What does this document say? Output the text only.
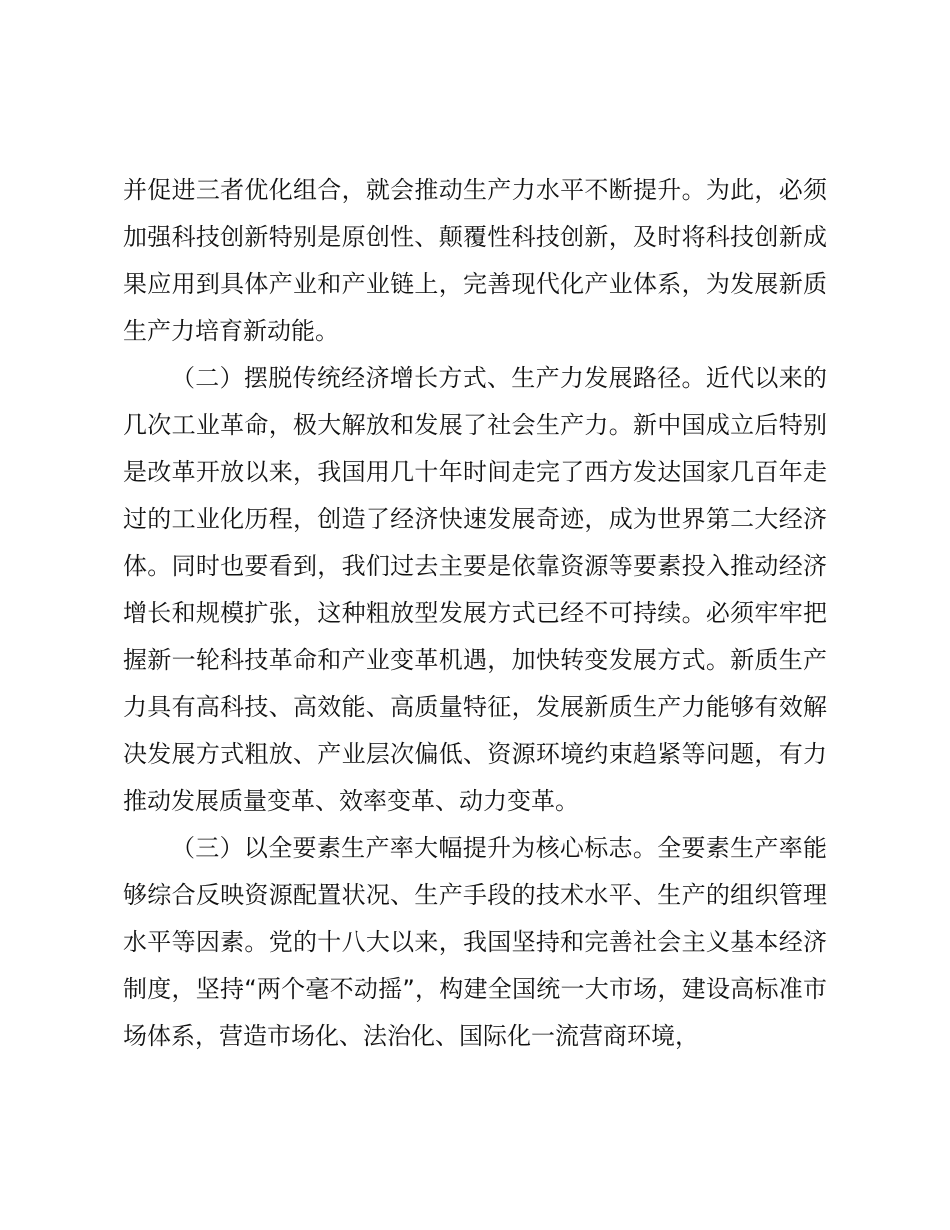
并促进三者优化组合，就会推动生产力水平不断提升。为此，必须加强科技创新特别是原创性、颠覆性科技创新，及时将科技创新成果应用到具体产业和产业链上，完善现代化产业体系，为发展新质生产力培育新动能。

（二）摆脱传统经济增长方式、生产力发展路径。近代以来的几次工业革命，极大解放和发展了社会生产力。新中国成立后特别是改革开放以来，我国用几十年时间走完了西方发达国家几百年走过的工业化历程，创造了经济快速发展奇迹，成为世界第二大经济体。同时也要看到，我们过去主要是依靠资源等要素投入推动经济增长和规模扩张，这种粗放型发展方式已经不可持续。必须牢牢把握新一轮科技革命和产业变革机遇，加快转变发展方式。新质生产力具有高科技、高效能、高质量特征，发展新质生产力能够有效解决发展方式粗放、产业层次偏低、资源环境约束趋紧等问题，有力推动发展质量变革、效率变革、动力变革。

（三）以全要素生产率大幅提升为核心标志。全要素生产率能够综合反映资源配置状况、生产手段的技术水平、生产的组织管理水平等因素。党的十八大以来，我国坚持和完善社会主义基本经济制度，坚持“两个毫不动摇”，构建全国统一大市场，建设高标准市场体系，营造市场化、法治化、国际化一流营商环境，
